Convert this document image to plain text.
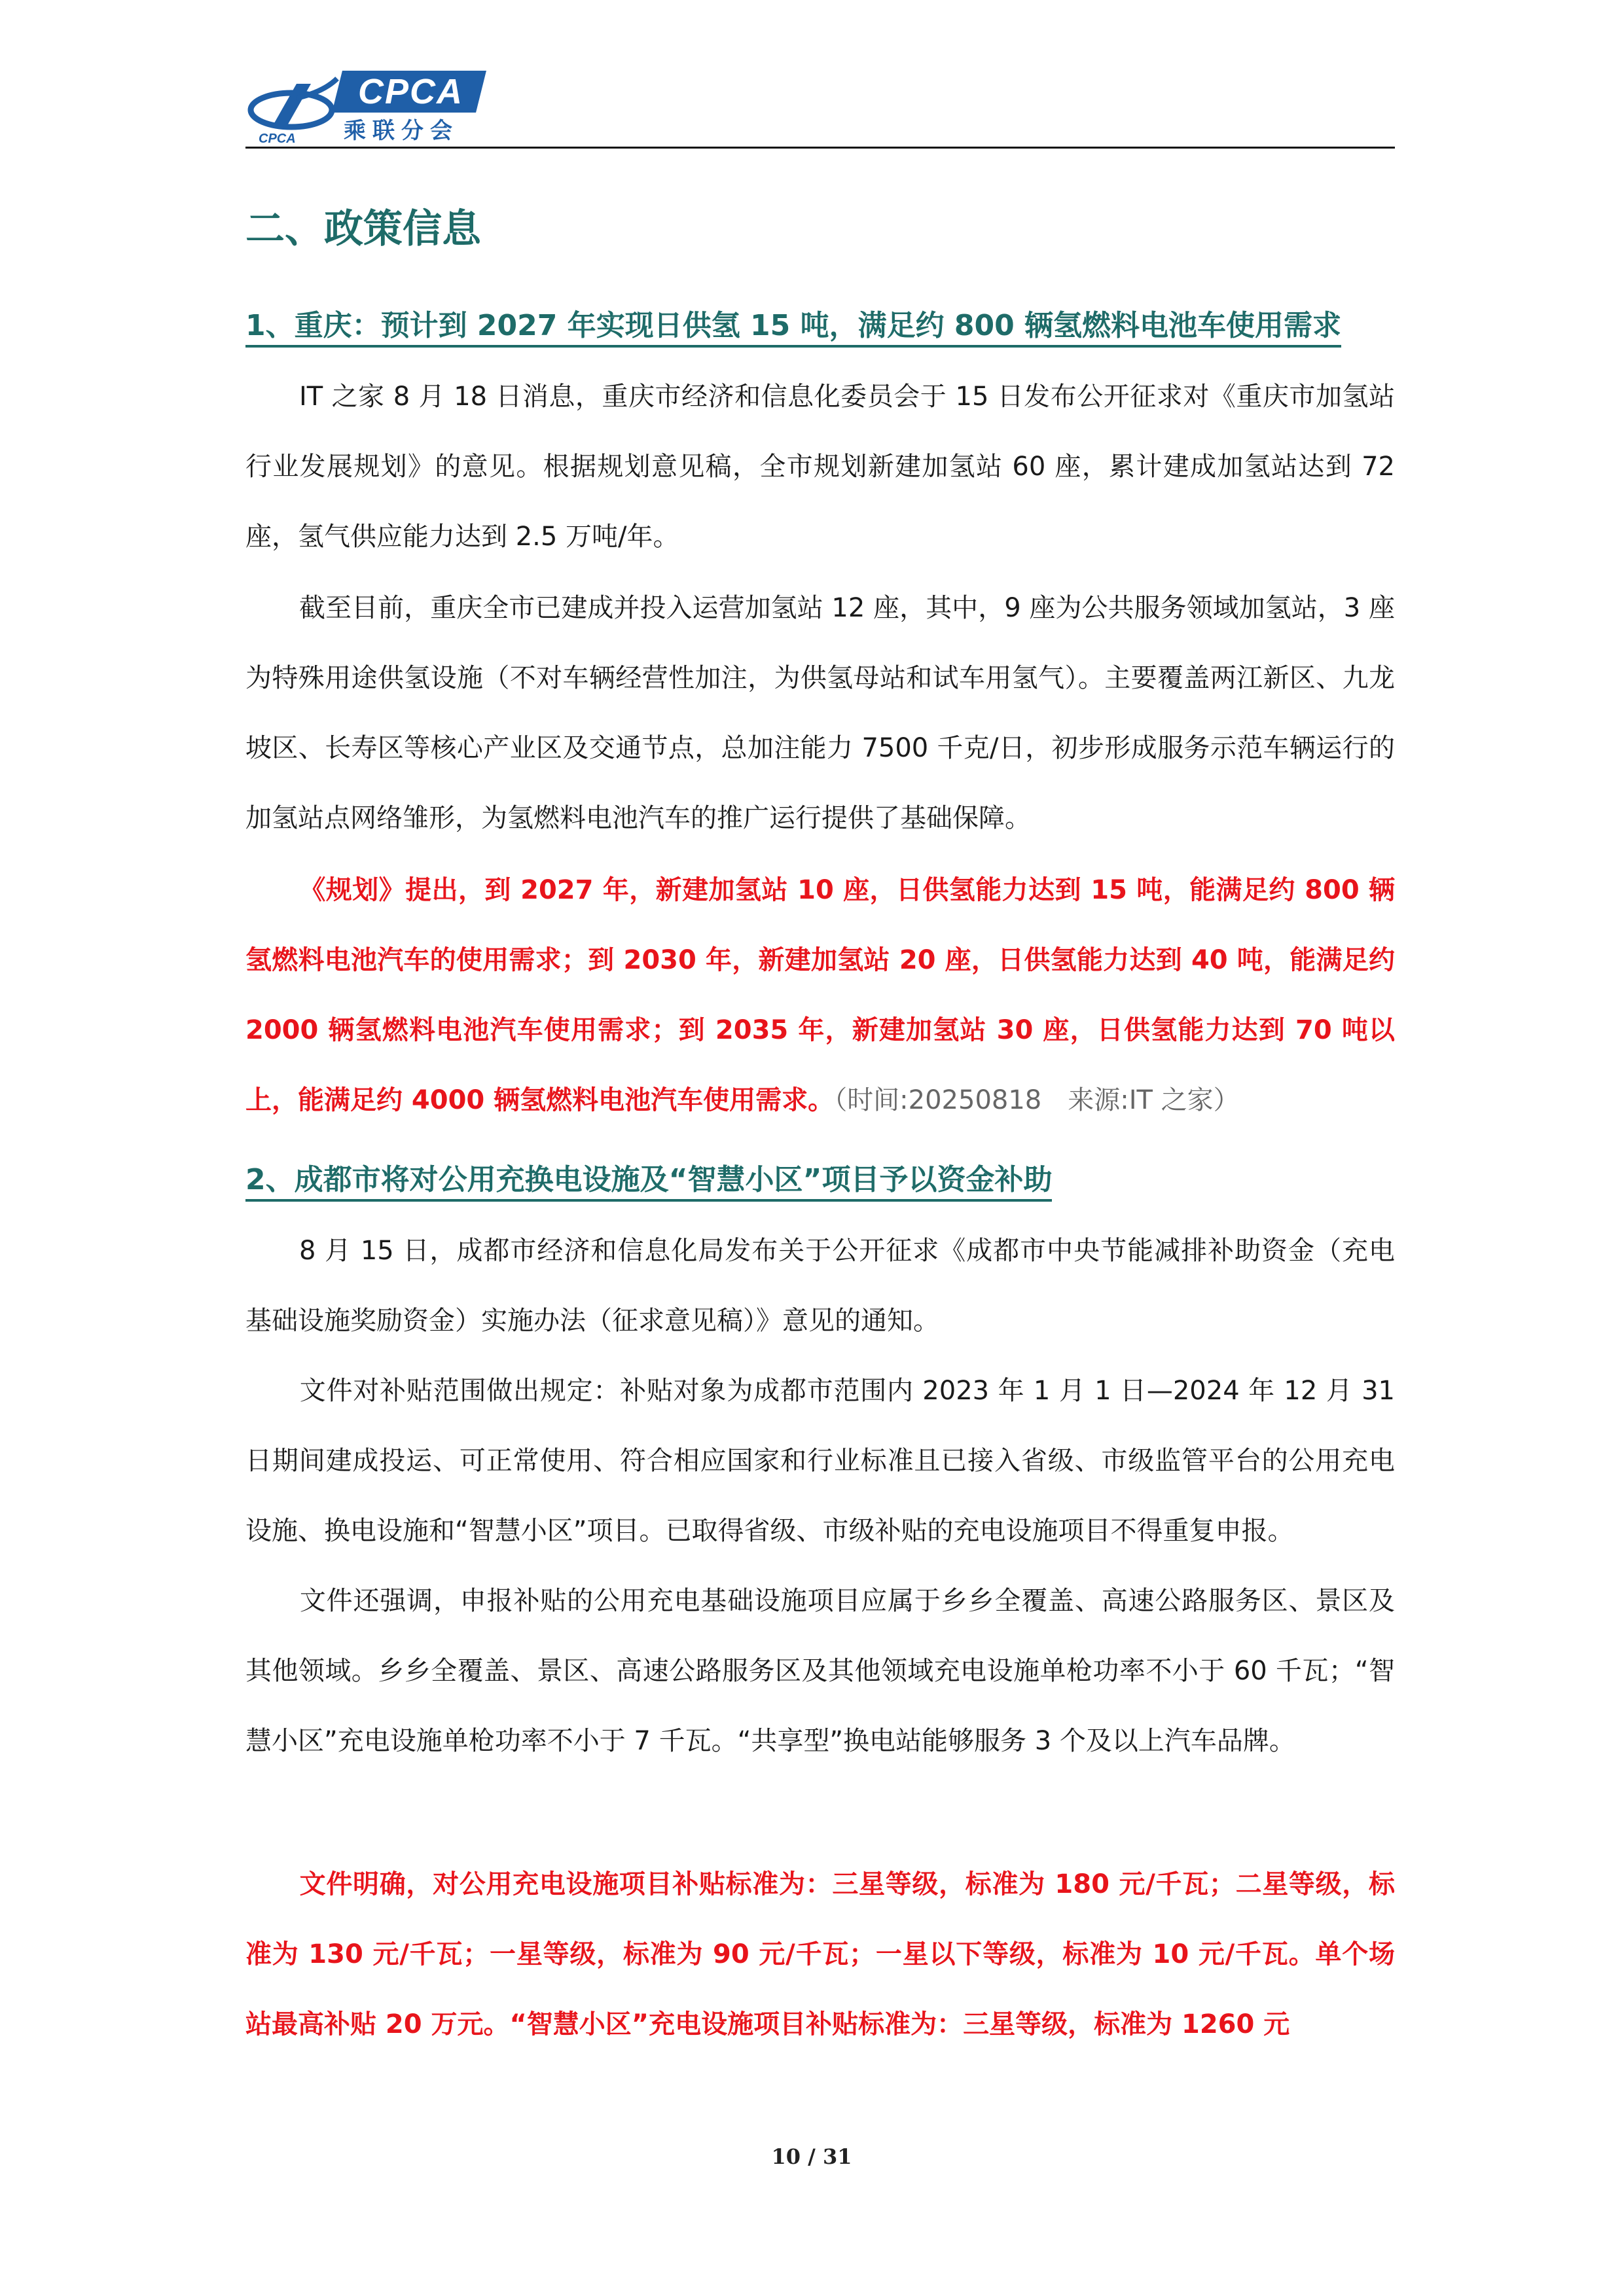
CPCA
CPCA
乘联分会
二、政策信息
1、重庆：预计到 2027 年实现日供氢 15 吨，满足约 800 辆氢燃料电池车使用需求
IT 之家 8 月 18 日消息，重庆市经济和信息化委员会于 15 日发布公开征求对《重庆市加氢站行业发展规划》的意见。根据规划意见稿，全市规划新建加氢站 60 座，累计建成加氢站达到 72 座，氢气供应能力达到 2.5 万吨/年。
截至目前，重庆全市已建成并投入运营加氢站 12 座，其中，9 座为公共服务领域加氢站，3 座为特殊用途供氢设施（不对车辆经营性加注，为供氢母站和试车用氢气）。主要覆盖两江新区、九龙坡区、长寿区等核心产业区及交通节点，总加注能力 7500 千克/日，初步形成服务示范车辆运行的加氢站点网络雏形，为氢燃料电池汽车的推广运行提供了基础保障。
《规划》提出，到 2027 年，新建加氢站 10 座，日供氢能力达到 15 吨，能满足约 800 辆氢燃料电池汽车的使用需求；到 2030 年，新建加氢站 20 座，日供氢能力达到 40 吨，能满足约 2000 辆氢燃料电池汽车使用需求；到 2035 年，新建加氢站 30 座，日供氢能力达到 70 吨以上，能满足约 4000 辆氢燃料电池汽车使用需求。（时间:20250818　来源:IT 之家）
2、成都市将对公用充换电设施及“智慧小区”项目予以资金补助
8 月 15 日，成都市经济和信息化局发布关于公开征求《成都市中央节能减排补助资金（充电基础设施奖励资金）实施办法（征求意见稿）》意见的通知。
文件对补贴范围做出规定：补贴对象为成都市范围内 2023 年 1 月 1 日—2024 年 12 月 31 日期间建成投运、可正常使用、符合相应国家和行业标准且已接入省级、市级监管平台的公用充电设施、换电设施和“智慧小区”项目。已取得省级、市级补贴的充电设施项目不得重复申报。
文件还强调，申报补贴的公用充电基础设施项目应属于乡乡全覆盖、高速公路服务区、景区及其他领域。乡乡全覆盖、景区、高速公路服务区及其他领域充电设施单枪功率不小于 60 千瓦；“智慧小区”充电设施单枪功率不小于 7 千瓦。“共享型”换电站能够服务 3 个及以上汽车品牌。
文件明确，对公用充电设施项目补贴标准为：三星等级，标准为 180 元/千瓦；二星等级，标准为 130 元/千瓦；一星等级，标准为 90 元/千瓦；一星以下等级，标准为 10 元/千瓦。单个场站最高补贴 20 万元。“智慧小区”充电设施项目补贴标准为：三星等级，标准为 1260 元
10 / 31
